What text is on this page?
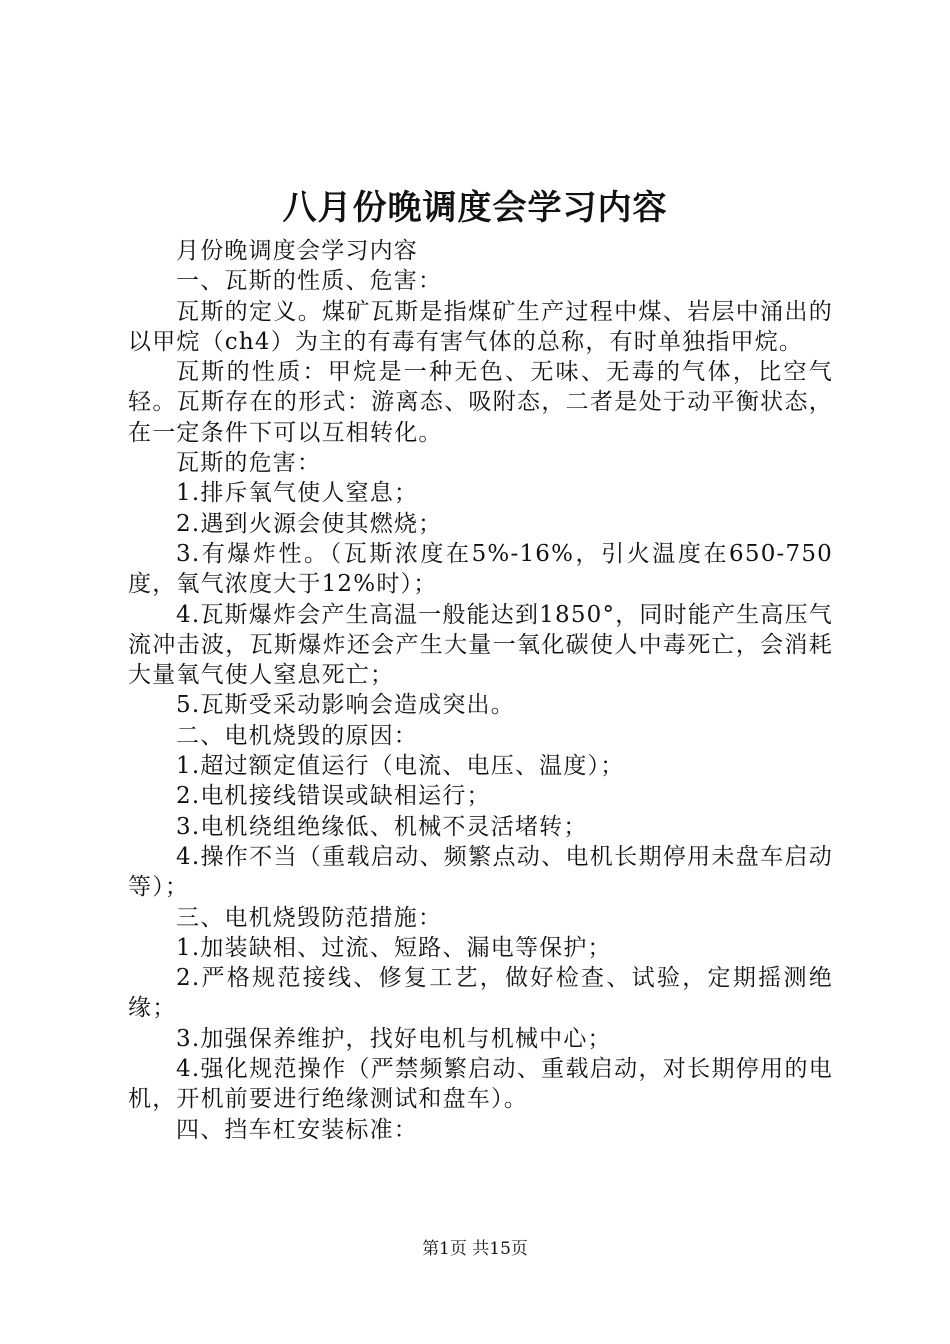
八月份晚调度会学习内容

月份晚调度会学习内容

一、瓦斯的性质、危害：

瓦斯的定义。煤矿瓦斯是指煤矿生产过程中煤、岩层中涌出的以甲烷（ch4）为主的有毒有害气体的总称，有时单独指甲烷。

瓦斯的性质：甲烷是一种无色、无味、无毒的气体，比空气轻。瓦斯存在的形式：游离态、吸附态，二者是处于动平衡状态，在一定条件下可以互相转化。

瓦斯的危害：

1.排斥氧气使人窒息；

2.遇到火源会使其燃烧；

3.有爆炸性。（瓦斯浓度在5%-16%，引火温度在650-750度，氧气浓度大于12%时）；

4.瓦斯爆炸会产生高温一般能达到1850°，同时能产生高压气流冲击波，瓦斯爆炸还会产生大量一氧化碳使人中毒死亡，会消耗大量氧气使人窒息死亡；

5.瓦斯受采动影响会造成突出。

二、电机烧毁的原因：

1.超过额定值运行（电流、电压、温度）；

2.电机接线错误或缺相运行；

3.电机绕组绝缘低、机械不灵活堵转；

4.操作不当（重载启动、频繁点动、电机长期停用未盘车启动等）；

三、电机烧毁防范措施：

1.加装缺相、过流、短路、漏电等保护；

2.严格规范接线、修复工艺，做好检查、试验，定期摇测绝缘；

3.加强保养维护，找好电机与机械中心；

4.强化规范操作（严禁频繁启动、重载启动，对长期停用的电机，开机前要进行绝缘测试和盘车）。

四、挡车杠安装标准：

第1页 共15页
